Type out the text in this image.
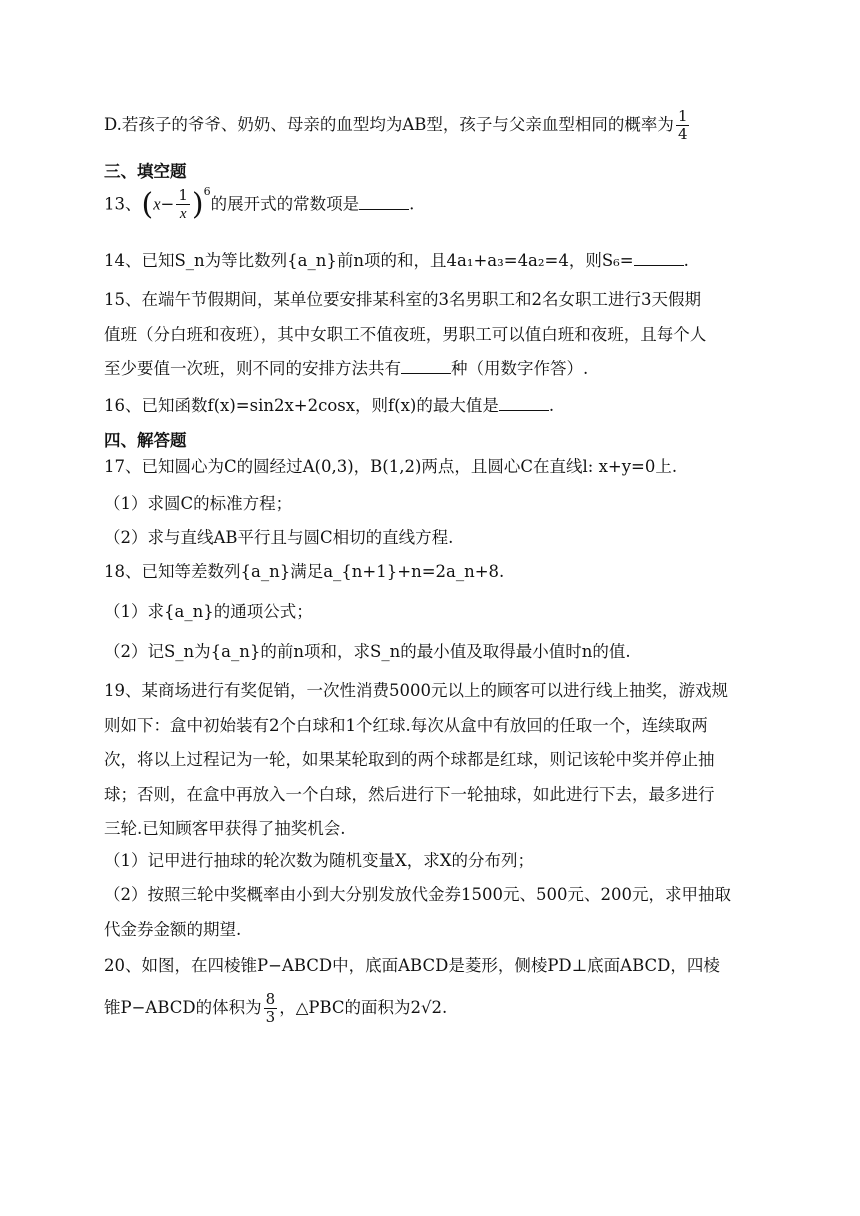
D.若孩子的爷爷、奶奶、母亲的血型均为AB型，孩子与父亲血型相同的概率为 $\frac{1}{4}$
三、填空题
13、$(x- \frac{1}{x} )^6$的展开式的常数项是	.
14、已知S_n为等比数列{a_n}前n项的和，且4a₁+a₃=4a₂=4，则S₆=	.
15、在端午节假期间，某单位要安排某科室的3名男职工和2名女职工进行3天假期
值班（分白班和夜班），其中女职工不值夜班，男职工可以值白班和夜班，且每个人
至少要值一次班，则不同的安排方法共有	种（用数字作答）.
16、已知函数f(x)=sin2x+2cosx，则f(x)的最大值是	.
四、解答题
17、已知圆心为C的圆经过A(0,3)，B(1,2)两点，且圆心C在直线l: x+y=0上.
（1）求圆C的标准方程；
（2）求与直线AB平行且与圆C相切的直线方程.
18、已知等差数列{a_n}满足a_{n+1}+n=2a_n+8.
（1）求{a_n}的通项公式；
（2）记S_n为{a_n}的前n项和，求S_n的最小值及取得最小值时n的值.
19、某商场进行有奖促销，一次性消费5000元以上的顾客可以进行线上抽奖，游戏规
则如下：盒中初始装有2个白球和1个红球.每次从盒中有放回的任取一个，连续取两
次，将以上过程记为一轮，如果某轮取到的两个球都是红球，则记该轮中奖并停止抽
球；否则，在盒中再放入一个白球，然后进行下一轮抽球，如此进行下去，最多进行
三轮.已知顾客甲获得了抽奖机会.
（1）记甲进行抽球的轮次数为随机变量X，求X的分布列；
（2）按照三轮中奖概率由小到大分别发放代金券1500元、500元、200元，求甲抽取
代金券金额的期望.
20、如图，在四棱锥P−ABCD中，底面ABCD是菱形，侧棱PD⊥底面ABCD，四棱
锥P−ABCD的体积为 $\frac{8}{3}$ ，△PBC的面积为2√2.
